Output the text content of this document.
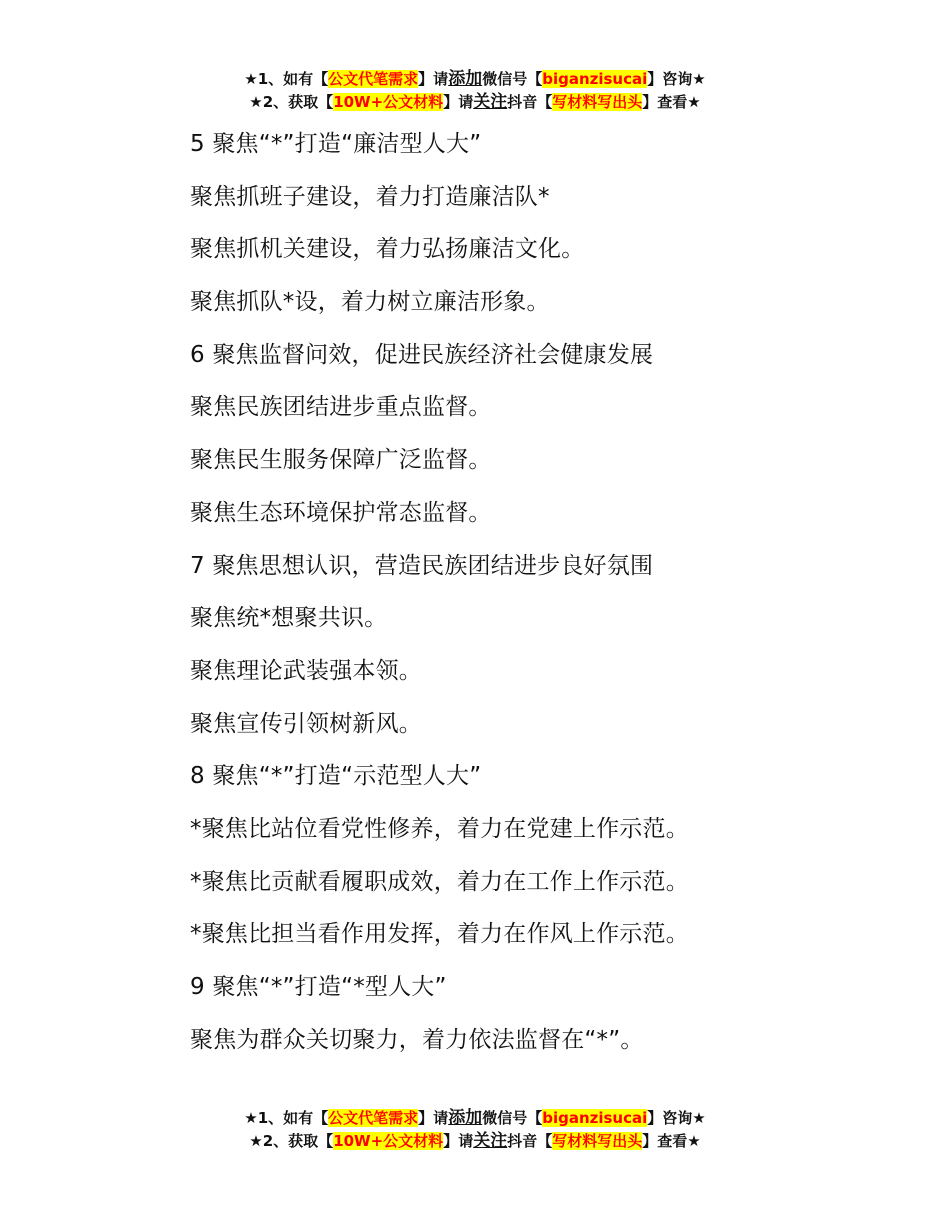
★1、如有【公文代笔需求】请添加微信号【biganzisucai】咨询★
★2、获取【10W+公文材料】请关注抖音【写材料写出头】查看★
5 聚焦“*”打造“廉洁型人大”
聚焦抓班子建设，着力打造廉洁队*
聚焦抓机关建设，着力弘扬廉洁文化。
聚焦抓队*设，着力树立廉洁形象。
6 聚焦监督问效，促进民族经济社会健康发展
聚焦民族团结进步重点监督。
聚焦民生服务保障广泛监督。
聚焦生态环境保护常态监督。
7 聚焦思想认识，营造民族团结进步良好氛围
聚焦统*想聚共识。
聚焦理论武装强本领。
聚焦宣传引领树新风。
8 聚焦“*”打造“示范型人大”
*聚焦比站位看党性修养，着力在党建上作示范。
*聚焦比贡献看履职成效，着力在工作上作示范。
*聚焦比担当看作用发挥，着力在作风上作示范。
9 聚焦“*”打造“*型人大”
聚焦为群众关切聚力，着力依法监督在“*”。
★1、如有【公文代笔需求】请添加微信号【biganzisucai】咨询★
★2、获取【10W+公文材料】请关注抖音【写材料写出头】查看★
